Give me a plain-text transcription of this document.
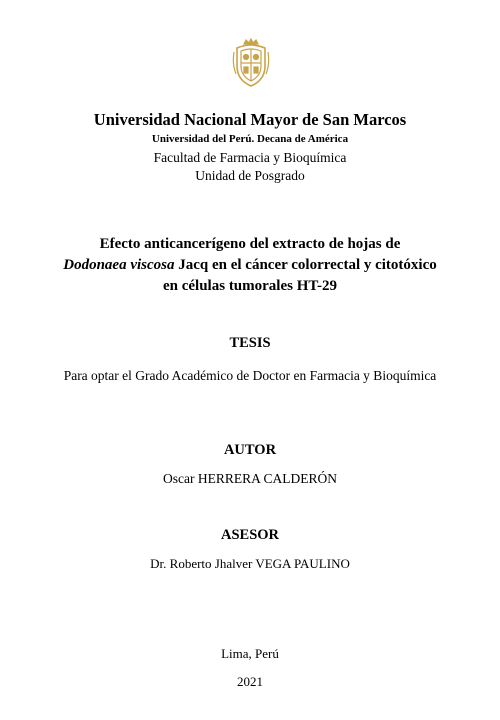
Universidad Nacional Mayor de San Marcos
Universidad del Perú. Decana de América
Facultad de Farmacia y Bioquímica
Unidad de Posgrado
Efecto anticancerígeno del extracto de hojas de
Dodonaea viscosa Jacq en el cáncer colorrectal y citotóxico en células tumorales HT-29
TESIS
Para optar el Grado Académico de Doctor en Farmacia y Bioquímica
AUTOR
Oscar HERRERA CALDERÓN
ASESOR
Dr. Roberto Jhalver VEGA PAULINO
Lima, Perú
2021
